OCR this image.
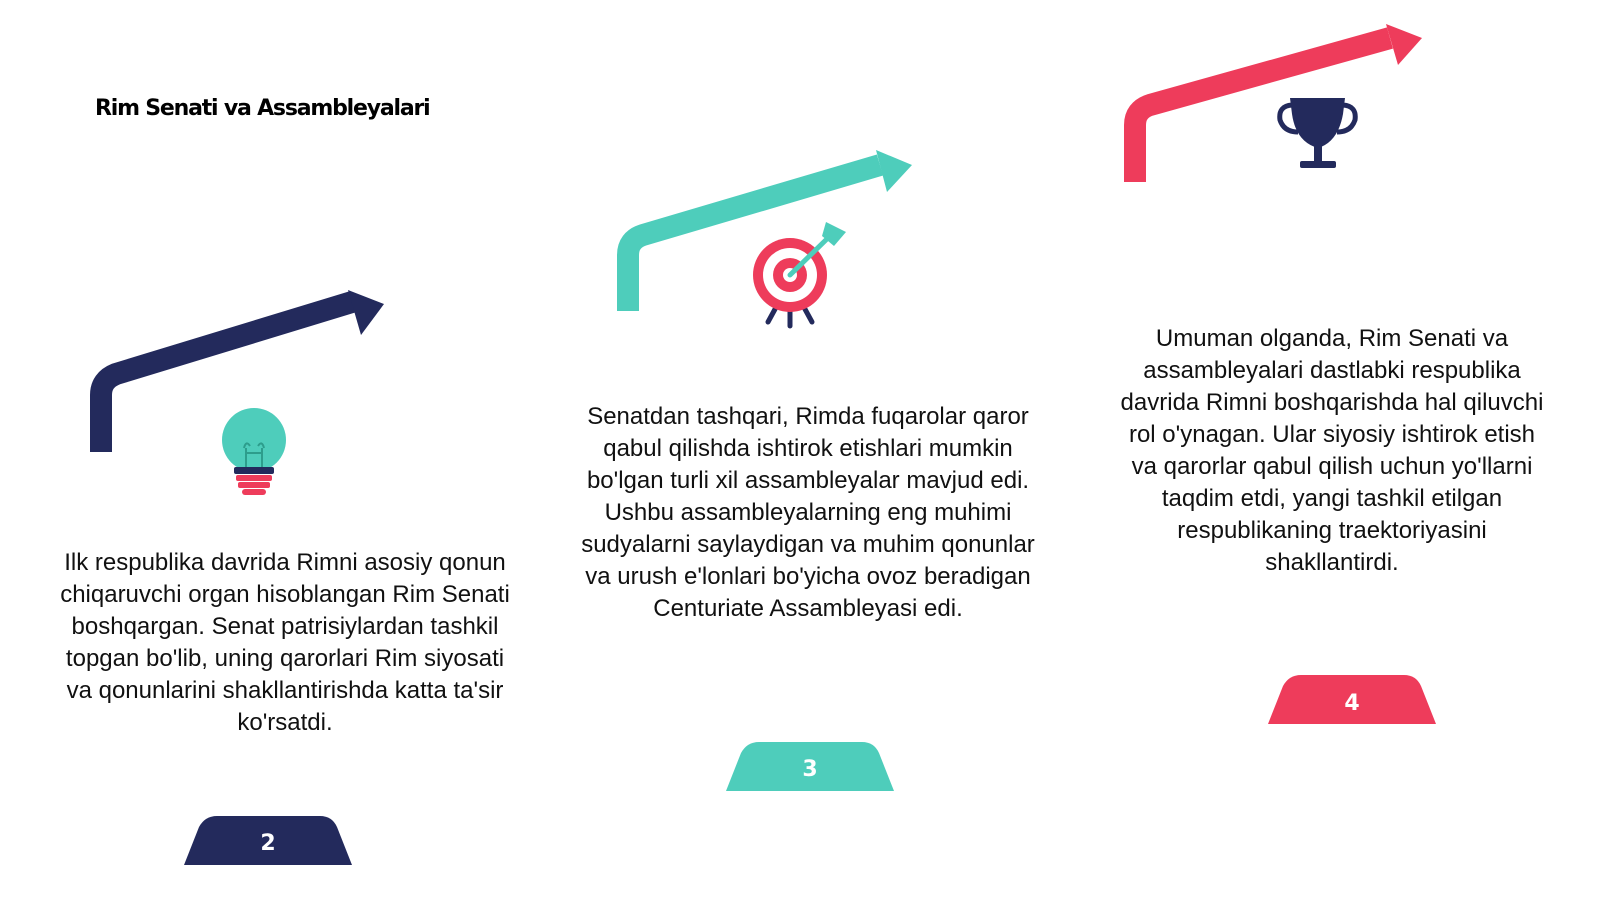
Rim Senati va Assambleyalari
2
3
4

Ilk respublika davrida Rimni asosiy qonun chiqaruvchi organ hisoblangan Rim Senati boshqargan. Senat patrisiylardan tashkil topgan bo'lib, uning qarorlari Rim siyosati va qonunlarini shakllantirishda katta ta'sir ko'rsatdi.

Senatdan tashqari, Rimda fuqarolar qaror qabul qilishda ishtirok etishlari mumkin bo'lgan turli xil assambleyalar mavjud edi. Ushbu assambleyalarning eng muhimi sudyalarni saylaydigan va muhim qonunlar va urush e'lonlari bo'yicha ovoz beradigan Centuriate Assambleyasi edi.

Umuman olganda, Rim Senati va assambleyalari dastlabki respublika davrida Rimni boshqarishda hal qiluvchi rol o'ynagan. Ular siyosiy ishtirok etish va qarorlar qabul qilish uchun yo'llarni taqdim etdi, yangi tashkil etilgan respublikaning traektoriyasini shakllantirdi.
